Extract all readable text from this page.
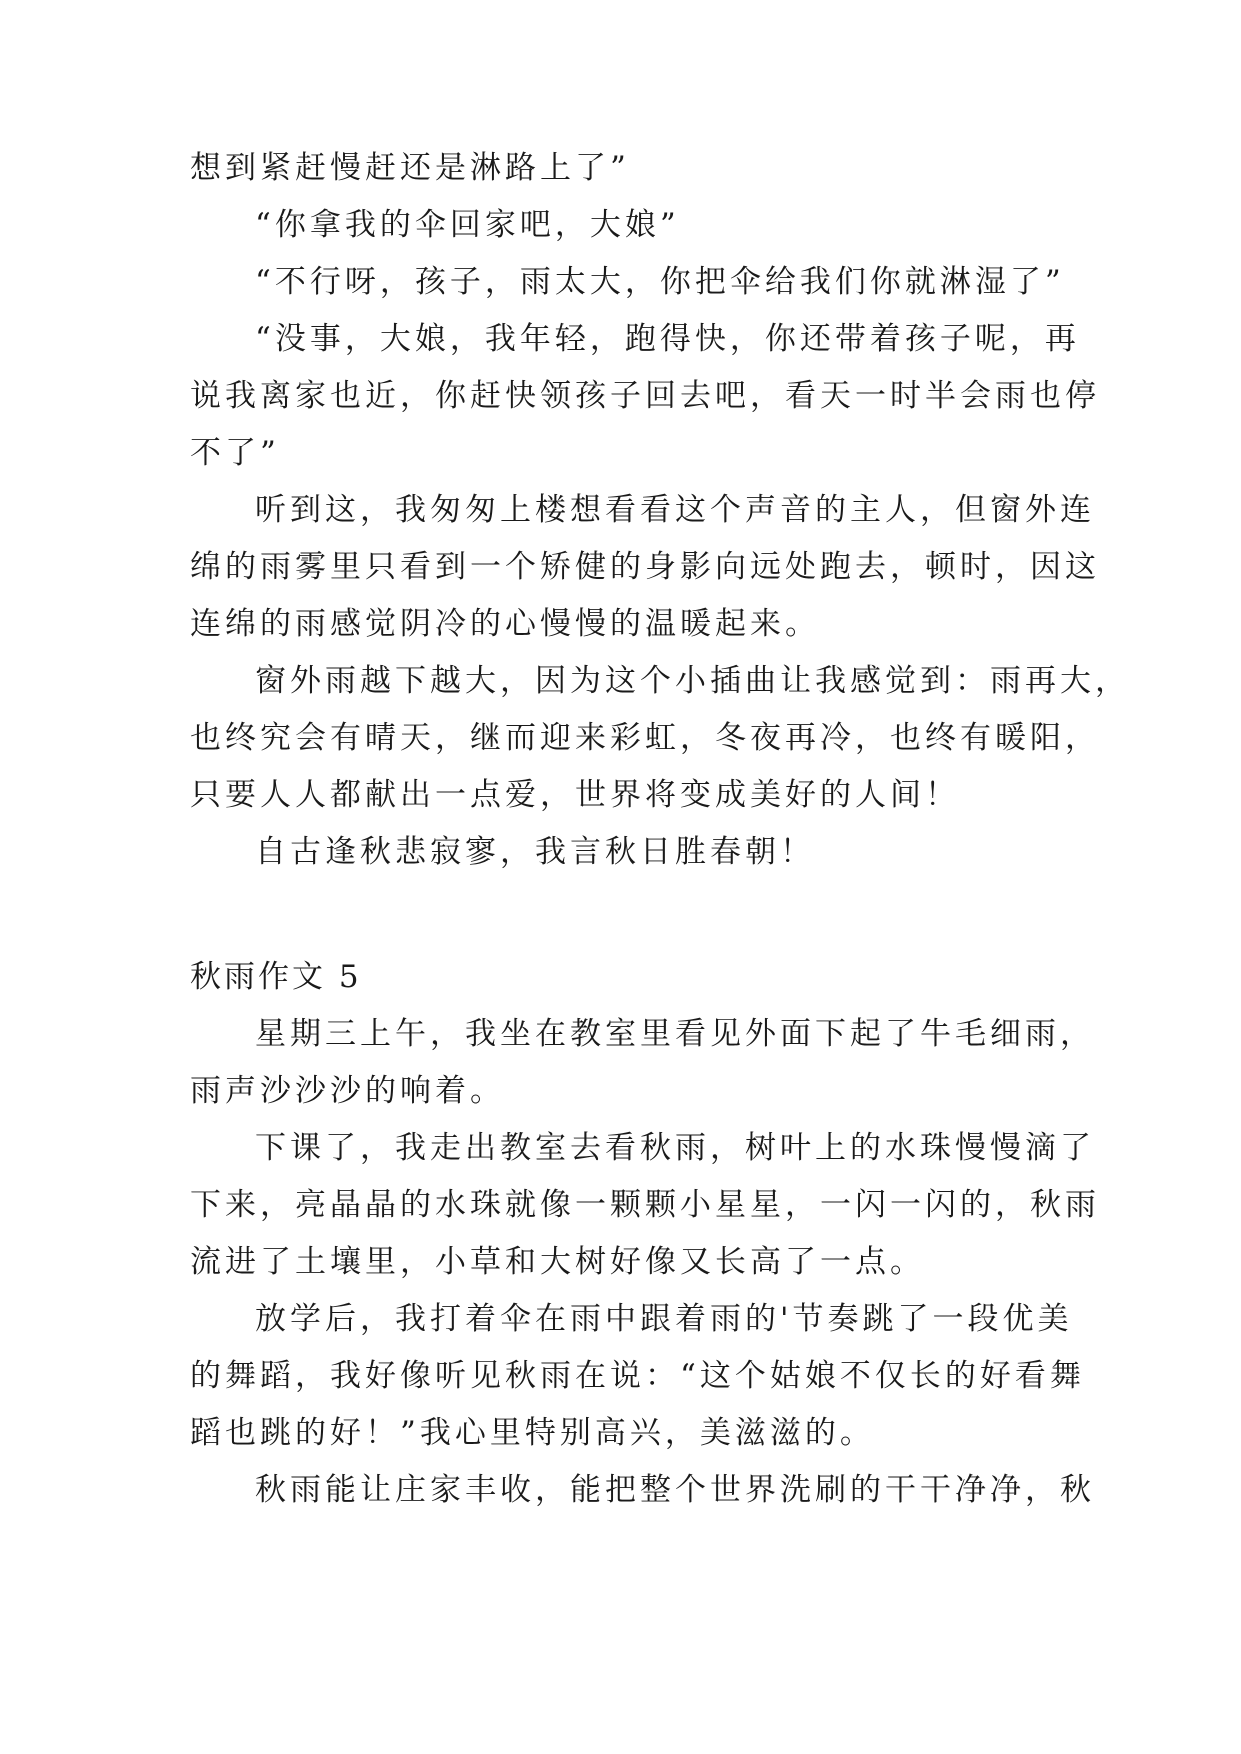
想到紧赶慢赶还是淋路上了”
“你拿我的伞回家吧，大娘”
“不行呀，孩子，雨太大，你把伞给我们你就淋湿了”
“没事，大娘，我年轻，跑得快，你还带着孩子呢，再
说我离家也近，你赶快领孩子回去吧，看天一时半会雨也停
不了”
听到这，我匆匆上楼想看看这个声音的主人，但窗外连
绵的雨雾里只看到一个矫健的身影向远处跑去，顿时，因这
连绵的雨感觉阴冷的心慢慢的温暖起来。
窗外雨越下越大，因为这个小插曲让我感觉到：雨再大，
也终究会有晴天，继而迎来彩虹，冬夜再冷，也终有暖阳，
只要人人都献出一点爱，世界将变成美好的人间！
自古逢秋悲寂寥，我言秋日胜春朝！
秋雨作文 5
星期三上午，我坐在教室里看见外面下起了牛毛细雨，
雨声沙沙沙的响着。
下课了，我走出教室去看秋雨，树叶上的水珠慢慢滴了
下来，亮晶晶的水珠就像一颗颗小星星，一闪一闪的，秋雨
流进了土壤里，小草和大树好像又长高了一点。
放学后，我打着伞在雨中跟着雨的'节奏跳了一段优美
的舞蹈，我好像听见秋雨在说：“这个姑娘不仅长的好看舞
蹈也跳的好！”我心里特别高兴，美滋滋的。
秋雨能让庄家丰收，能把整个世界洗刷的干干净净，秋
